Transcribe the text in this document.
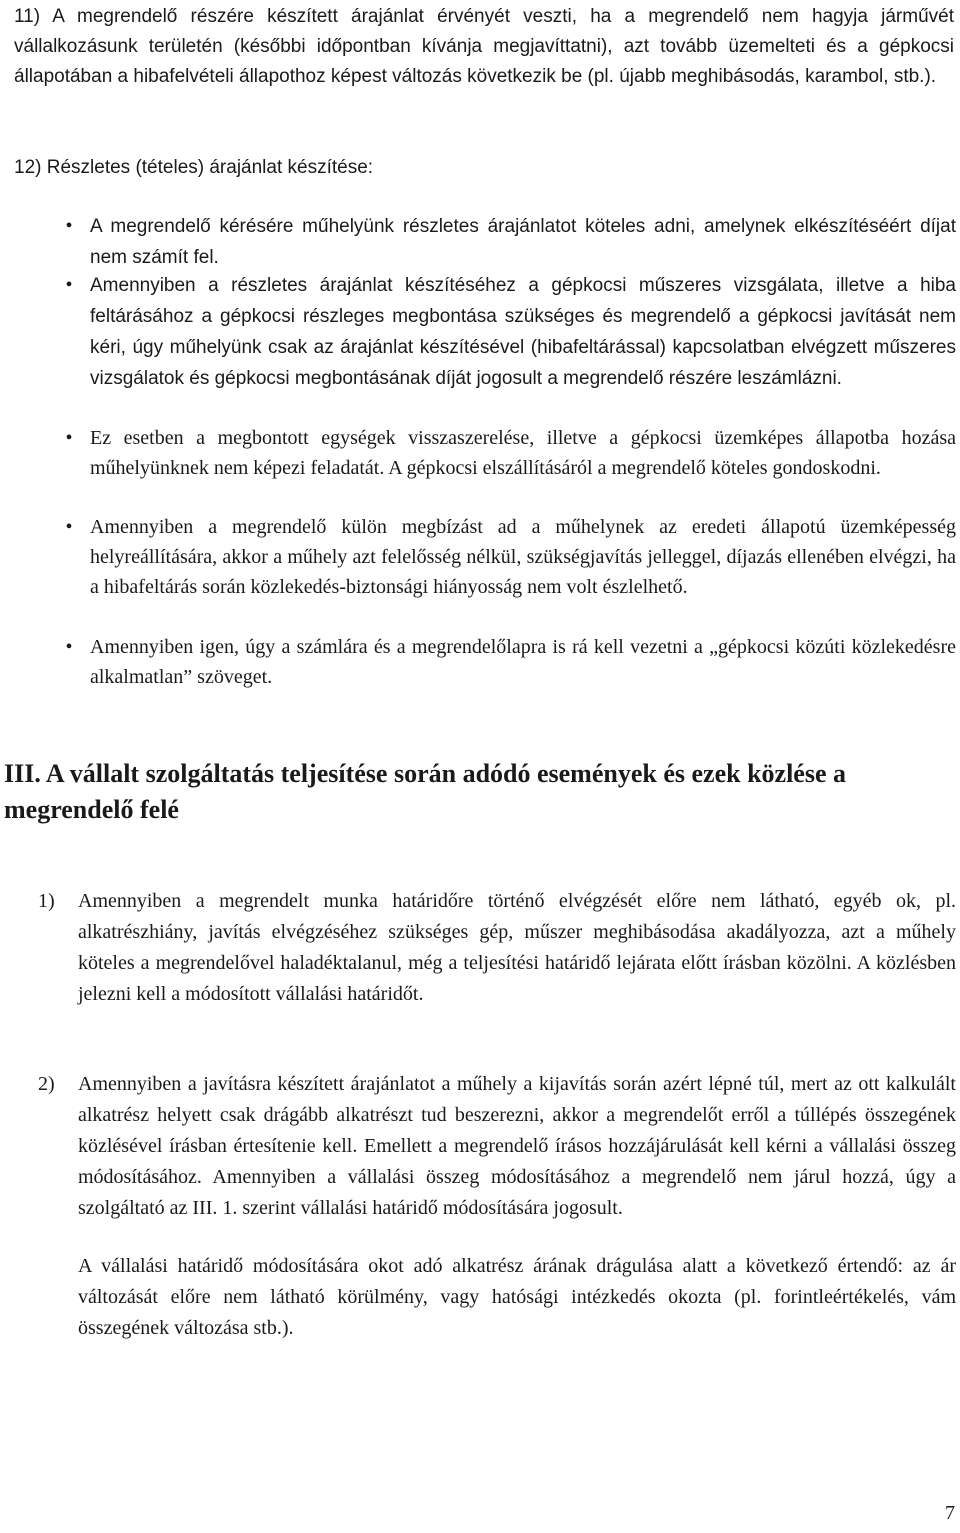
11) A megrendelő részére készített árajánlat érvényét veszti, ha a megrendelő nem hagyja járművét vállalkozásunk területén (későbbi időpontban kívánja megjavíttatni), azt tovább üzemelteti és a gépkocsi állapotában a hibafelvételi állapothoz képest változás következik be (pl. újabb meghibásodás, karambol, stb.).
12) Részletes (tételes) árajánlat készítése:
• A megrendelő kérésére műhelyünk részletes árajánlatot köteles adni, amelynek elkészítéséért díjat nem számít fel.
• Amennyiben a részletes árajánlat készítéséhez a gépkocsi műszeres vizsgálata, illetve a hiba feltárásához a gépkocsi részleges megbontása szükséges és megrendelő a gépkocsi javítását nem kéri, úgy műhelyünk csak az árajánlat készítésével (hibafeltárással) kapcsolatban elvégzett műszeres vizsgálatok és gépkocsi megbontásának díját jogosult a megrendelő részére leszámlázni.
• Ez esetben a megbontott egységek visszaszerelése, illetve a gépkocsi üzemképes állapotba hozása műhelyünknek nem képezi feladatát. A gépkocsi elszállításáról a megrendelő köteles gondoskodni.
• Amennyiben a megrendelő külön megbízást ad a műhelynek az eredeti állapotú üzemképesség helyreállítására, akkor a műhely azt felelősség nélkül, szükségjavítás jelleggel, díjazás ellenében elvégzi, ha a hibafeltárás során közlekedés-biztonsági hiányosság nem volt észlelhető.
• Amennyiben igen, úgy a számlára és a megrendelőlapra is rá kell vezetni a „gépkocsi közúti közlekedésre alkalmatlan” szöveget.
III. A vállalt szolgáltatás teljesítése során adódó események és ezek közlése a megrendelő felé
1) Amennyiben a megrendelt munka határidőre történő elvégzését előre nem látható, egyéb ok, pl. alkatrészhiány, javítás elvégzéséhez szükséges gép, műszer meghibásodása akadályozza, azt a műhely köteles a megrendelővel haladéktalanul, még a teljesítési határidő lejárata előtt írásban közölni. A közlésben jelezni kell a módosított vállalási határidőt.
2) Amennyiben a javításra készített árajánlatot a műhely a kijavítás során azért lépné túl, mert az ott kalkulált alkatrész helyett csak drágább alkatrészt tud beszerezni, akkor a megrendelőt erről a túllépés összegének közlésével írásban értesítenie kell. Emellett a megrendelő írásos hozzájárulását kell kérni a vállalási összeg módosításához. Amennyiben a vállalási összeg módosításához a megrendelő nem járul hozzá, úgy a szolgáltató az III. 1. szerint vállalási határidő módosítására jogosult.
A vállalási határidő módosítására okot adó alkatrész árának drágulása alatt a következő értendő: az ár változását előre nem látható körülmény, vagy hatósági intézkedés okozta (pl. forintleértékelés, vám összegének változása stb.).
7
